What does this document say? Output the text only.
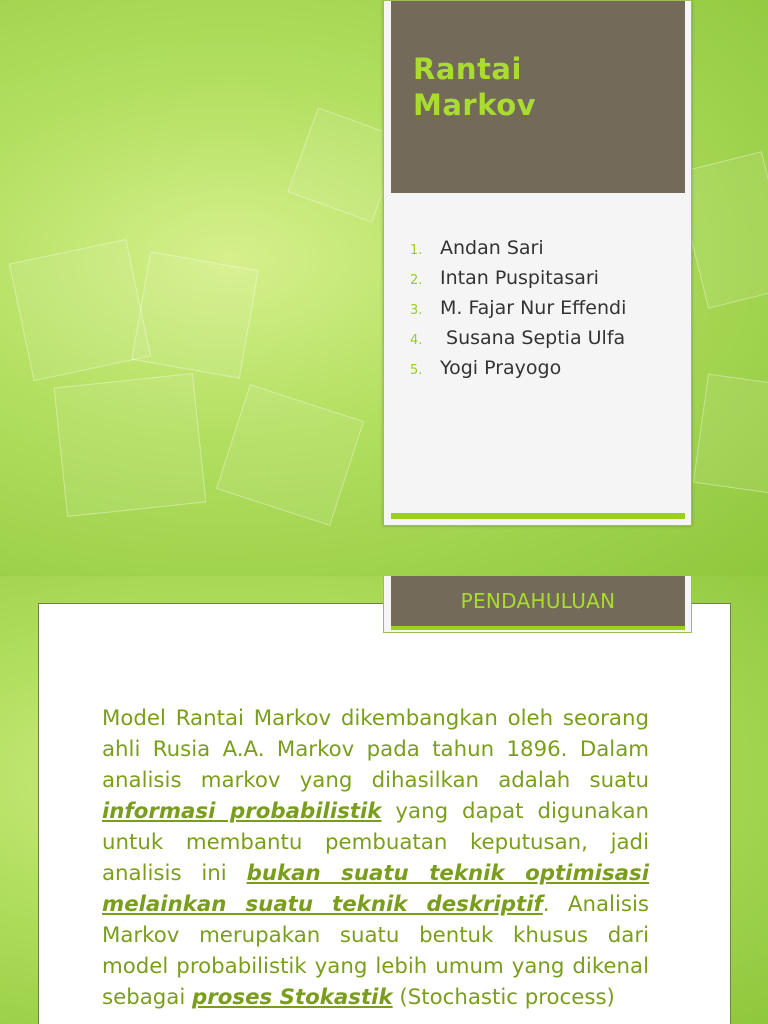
Rantai
Markov
1. Andan Sari
2. Intan Puspitasari
3. M. Fajar Nur Effendi
4. Susana Septia Ulfa
5. Yogi Prayogo
PENDAHULUAN

Model Rantai Markov dikembangkan oleh seorang ahli Rusia A.A. Markov pada tahun 1896. Dalam analisis markov yang dihasilkan adalah suatu informasi probabilistik yang dapat digunakan untuk membantu pembuatan keputusan, jadi analisis ini bukan suatu teknik optimisasi melainkan suatu teknik deskriptif. Analisis Markov merupakan suatu bentuk khusus dari model probabilistik yang lebih umum yang dikenal sebagai proses Stokastik (Stochastic process)
